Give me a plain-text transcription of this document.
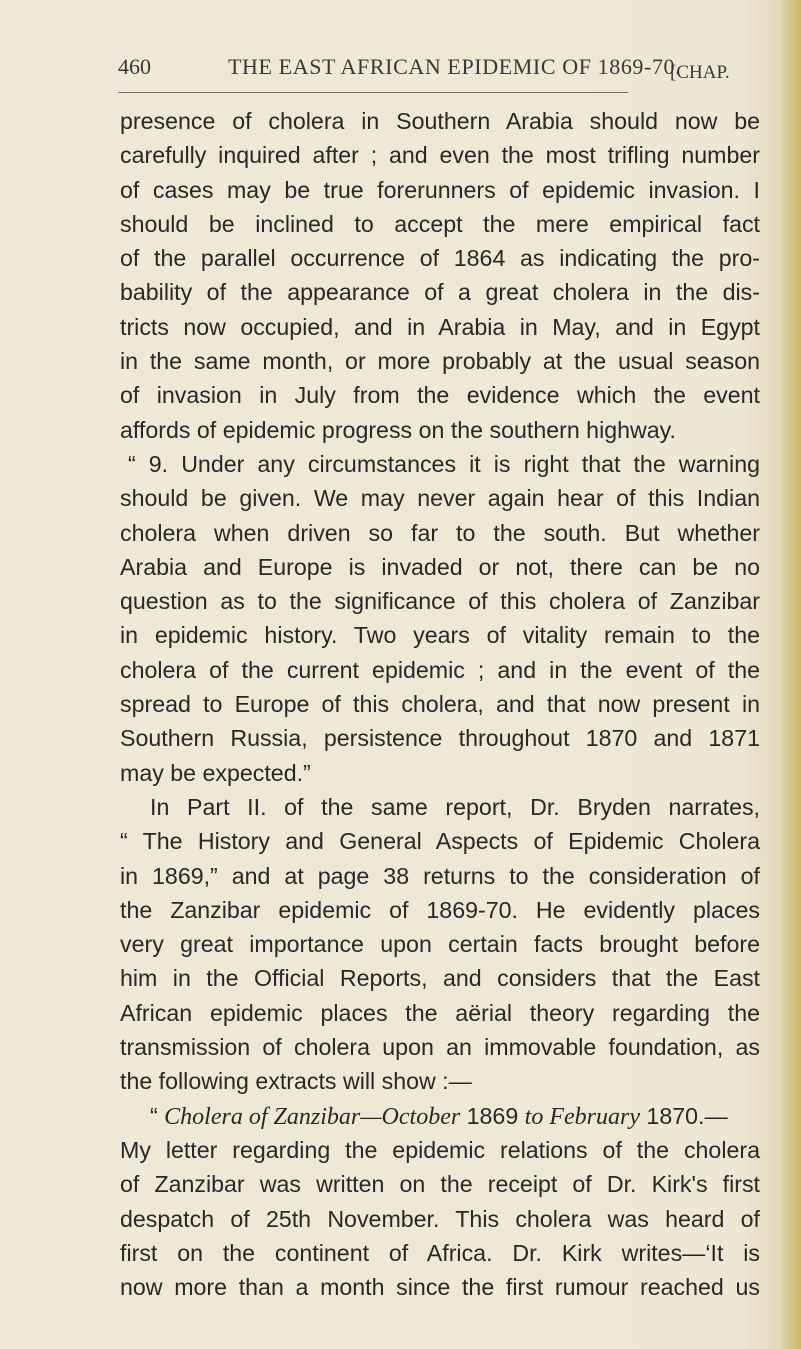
460	THE EAST AFRICAN EPIDEMIC OF 1869-70.
[CHAP.
presence of cholera in Southern Arabia should now be
carefully inquired after ; and even the most trifling number
of cases may be true forerunners of epidemic invasion. I
should be inclined to accept the mere empirical fact
of the parallel occurrence of 1864 as indicating the pro-
bability of the appearance of a great cholera in the dis-
tricts now occupied, and in Arabia in May, and in Egypt
in the same month, or more probably at the usual season
of invasion in July from the evidence which the event
affords of epidemic progress on the southern highway.
“ 9. Under any circumstances it is right that the warning
should be given. We may never again hear of this Indian
cholera when driven so far to the south. But whether
Arabia and Europe is invaded or not, there can be no
question as to the significance of this cholera of Zanzibar
in epidemic history. Two years of vitality remain to the
cholera of the current epidemic ; and in the event of the
spread to Europe of this cholera, and that now present in
Southern Russia, persistence throughout 1870 and 1871
may be expected.”
In Part II. of the same report, Dr. Bryden narrates,
“ The History and General Aspects of Epidemic Cholera
in 1869,” and at page 38 returns to the consideration of
the Zanzibar epidemic of 1869-70. He evidently places
very great importance upon certain facts brought before
him in the Official Reports, and considers that the East
African epidemic places the aërial theory regarding the
transmission of cholera upon an immovable foundation, as
the following extracts will show :—
“ Cholera of Zanzibar—October 1869 to February 1870.—
My letter regarding the epidemic relations of the cholera
of Zanzibar was written on the receipt of Dr. Kirk's first
despatch of 25th November. This cholera was heard of
first on the continent of Africa. Dr. Kirk writes—‘It is
now more than a month since the first rumour reached us
